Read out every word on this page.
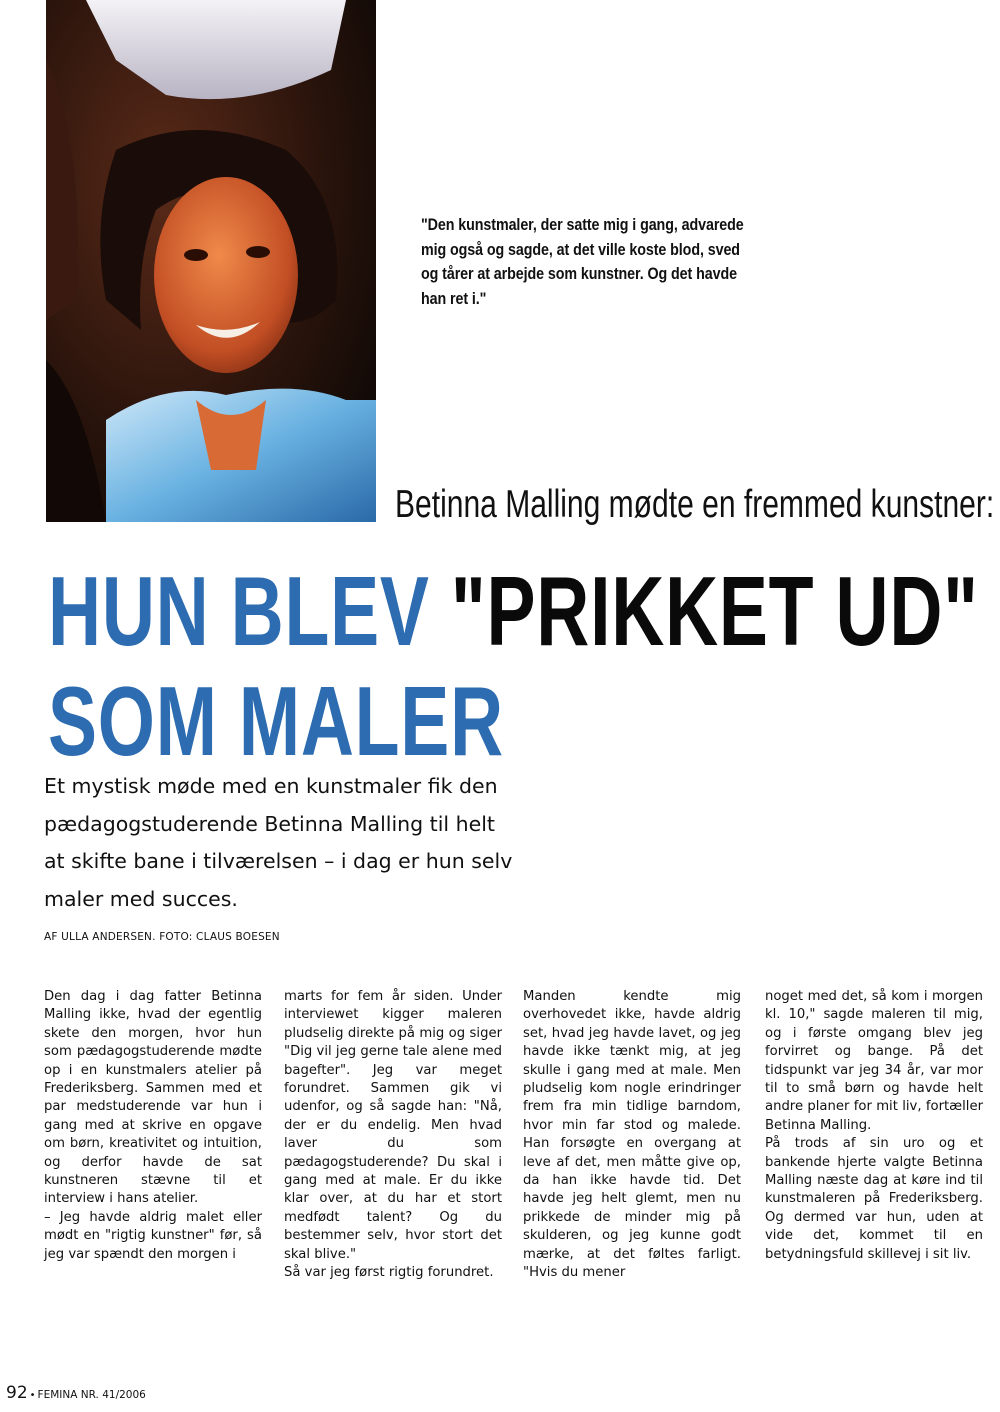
"Den kunstmaler, der satte mig i gang, advarede mig også og sagde, at det ville koste blod, sved og tårer at arbejde som kunstner. Og det havde han ret i."
Betinna Malling mødte en fremmed kunstner:
HUN BLEV "PRIKKET UD"
SOM MALER
Et mystisk møde med en kunstmaler fik den pædagogstuderende Betinna Malling til helt at skifte bane i tilværelsen – i dag er hun selv maler med succes.
AF ULLA ANDERSEN. FOTO: CLAUS BOESEN

Den dag i dag fatter Betinna Malling ikke, hvad der egentlig skete den morgen, hvor hun som pædagogstuderende mødte op i en kunstmalers atelier på Frederiksberg. Sammen med et par medstuderende var hun i gang med at skrive en opgave om børn, kreativitet og intuition, og derfor havde de sat kunstneren stævne til et interview i hans atelier.

– Jeg havde aldrig malet eller mødt en "rigtig kunstner" før, så jeg var spændt den morgen i

marts for fem år siden. Under interviewet kigger maleren pludselig direkte på mig og siger "Dig vil jeg gerne tale alene med bagefter". Jeg var meget forundret. Sammen gik vi udenfor, og så sagde han: "Nå, der er du endelig. Men hvad laver du som pædagogstuderende? Du skal i gang med at male. Er du ikke klar over, at du har et stort medfødt talent? Og du bestemmer selv, hvor stort det skal blive."

Så var jeg først rigtig forundret.

Manden kendte mig overhovedet ikke, havde aldrig set, hvad jeg havde lavet, og jeg havde ikke tænkt mig, at jeg skulle i gang med at male. Men pludselig kom nogle erindringer frem fra min tidlige barndom, hvor min far stod og malede. Han forsøgte en overgang at leve af det, men måtte give op, da han ikke havde tid. Det havde jeg helt glemt, men nu prikkede de minder mig på skulderen, og jeg kunne godt mærke, at det føltes farligt. "Hvis du mener

noget med det, så kom i morgen kl. 10," sagde maleren til mig, og i første omgang blev jeg forvirret og bange. På det tidspunkt var jeg 34 år, var mor til to små børn og havde helt andre planer for mit liv, fortæller Betinna Malling.

På trods af sin uro og et bankende hjerte valgte Betinna Malling næste dag at køre ind til kunstmaleren på Frederiksberg. Og dermed var hun, uden at vide det, kommet til en betydningsfuld skillevej i sit liv.

92 • FEMINA NR. 41/2006
